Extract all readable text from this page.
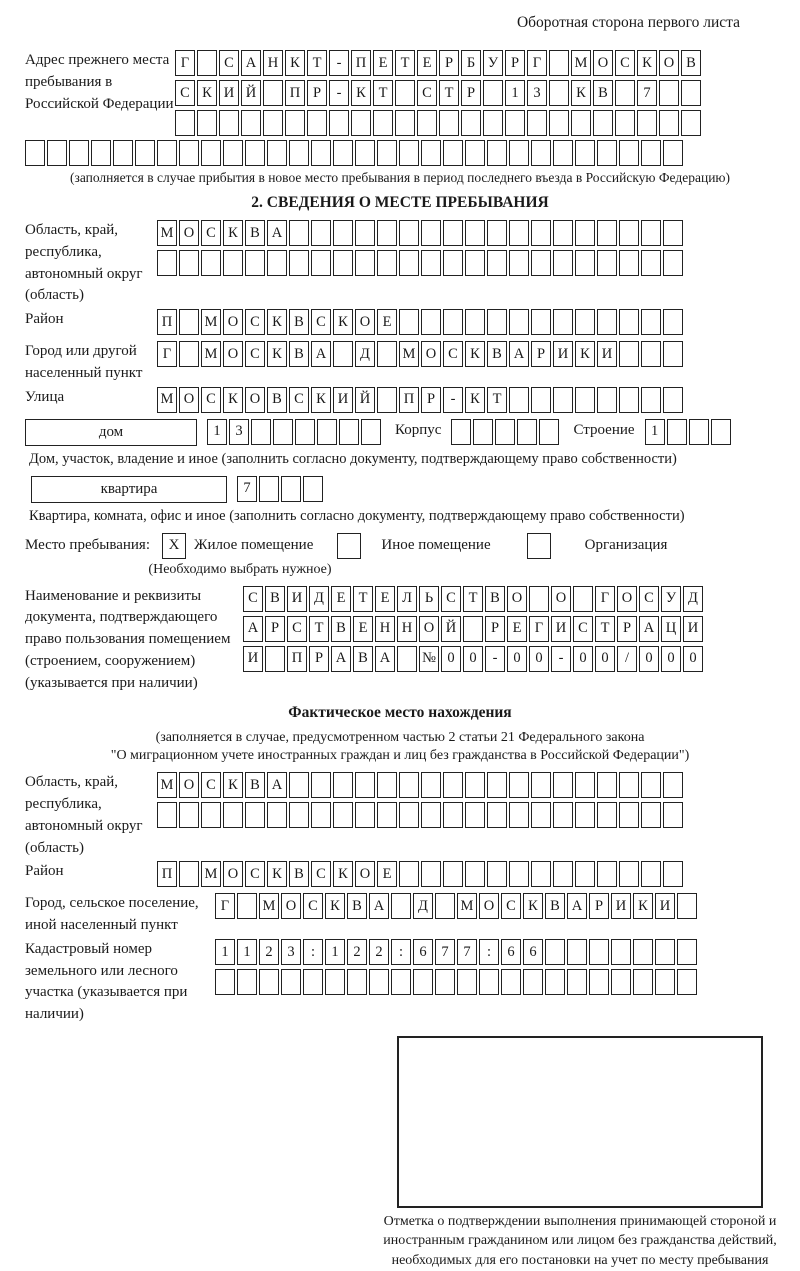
Оборотная сторона первого листа
Адрес прежнего места пребывания в Российской Федерации
Г	С А Н К Т	- П Е Т Е Р Б У Р Г	М О С К О В
С К И Й	П Р	-	К Т	С Т Р	1	3	К В	7
(заполняется в случае прибытия в новое место пребывания в период последнего въезда в Российскую Федерацию)
2. СВЕДЕНИЯ О МЕСТЕ ПРЕБЫВАНИЯ
Область, край, республика, автономный округ (область)
М О С К В А
Район	П	М О С К В С К О Е
Город или другой населенный пункт
Г	М О С К В А	Д	М О С К В А Р И К И
Улица	М О С К О В С К И Й	П Р	-	К Т
дом	1	3	Корпус	Строение	1
Дом, участок, владение и иное (заполнить согласно документу, подтверждающему право собственности)
квартира	7
Квартира, комната, офис и иное (заполнить согласно документу, подтверждающему право собственности)
Место пребывания:	X Жилое помещение	Иное помещение	Организация
(Необходимо выбрать нужное)
Наименование и реквизиты документа, подтверждающего право пользования помещением (строением, сооружением) (указывается при наличии)
С В И Д Е Т Е Л Ь С Т В О	О	Г О С У Д
А Р С Т В Е Н Н О Й	Р Е Г И С Т Р А Ц И
И	П Р А В А	№ 0	0	-	0	0	-	0	0	/	0	0	0
Фактическое место нахождения
(заполняется в случае, предусмотренном частью 2 статьи 21 Федерального закона
"О миграционном учете иностранных граждан и лиц без гражданства в Российской Федерации")
Область, край, республика, автономный округ (область)
М О С К В А
Район	П	М О С К В С К О Е
Город, сельское поселение, иной населенный пункт
Г	М О С К В А	Д	М О С К В А Р И К И
Кадастровый номер земельного или лесного участка (указывается при наличии)
1	1	2	3	:	1	2	2	:	6	7	7	:	6	6
Отметка о подтверждении выполнения принимающей стороной и иностранным гражданином или лицом без гражданства действий, необходимых для его постановки на учет по месту пребывания
